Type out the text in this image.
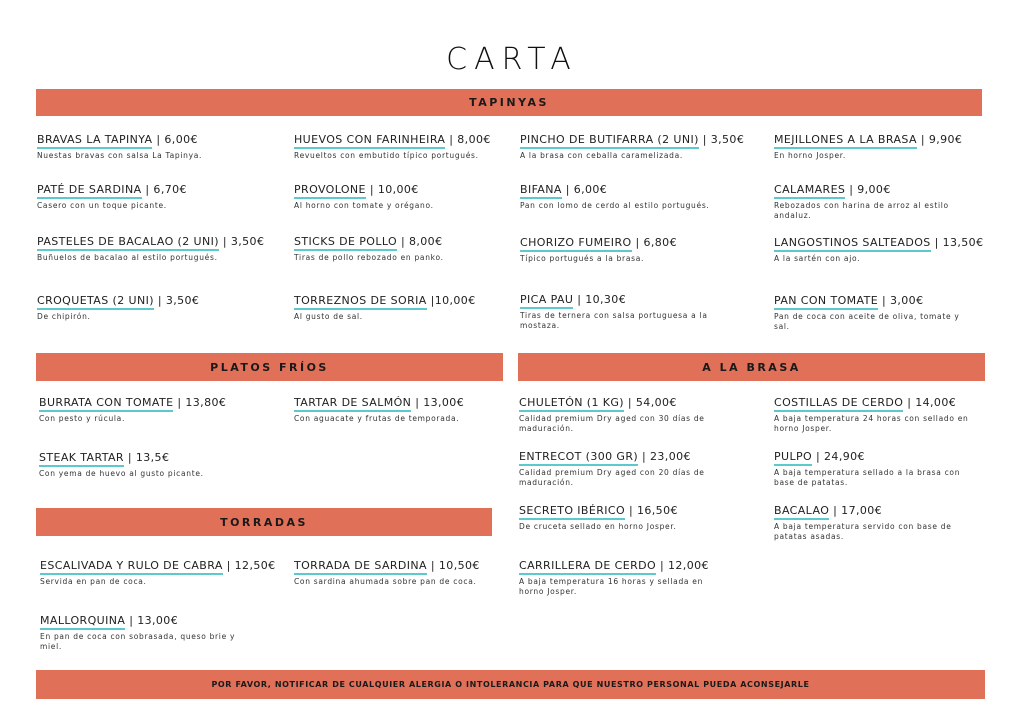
CARTA
TAPINYAS
PLATOS FRÍOS	A LA BRASA
TORRADAS
POR FAVOR, NOTIFICAR DE CUALQUIER ALERGIA O INTOLERANCIA PARA QUE NUESTRO PERSONAL PUEDA ACONSEJARLE
BRAVAS LA TAPINYA | 6,00€
Nuestas bravas con salsa La Tapinya.
PATÉ DE SARDINA | 6,70€
Casero con un toque picante.
PASTELES DE BACALAO (2 UNI) | 3,50€
Buñuelos de bacalao al estilo portugués.
CROQUETAS (2 UNI) | 3,50€
De chipirón.
HUEVOS CON FARINHEIRA | 8,00€
Revueltos con embutido típico portugués.
PROVOLONE | 10,00€
Al horno con tomate y orégano.
STICKS DE POLLO | 8,00€
Tiras de pollo rebozado en panko.
TORREZNOS DE SORIA |10,00€
Al gusto de sal.
PINCHO DE BUTIFARRA (2 UNI) | 3,50€
A la brasa con ceballa caramelizada.
BIFANA | 6,00€
Pan con lomo de cerdo al estilo portugués.
CHORIZO FUMEIRO | 6,80€
Típico portugués a la brasa.
PICA PAU | 10,30€
Tiras de ternera con salsa portuguesa a la mostaza.
MEJILLONES A LA BRASA | 9,90€
En horno Josper.
CALAMARES | 9,00€
Rebozados con harina de arroz al estilo andaluz.
LANGOSTINOS SALTEADOS | 13,50€
A la sartén con ajo.
PAN CON TOMATE | 3,00€
Pan de coca con aceite de oliva, tomate y sal.
BURRATA CON TOMATE | 13,80€
Con pesto y rúcula.
STEAK TARTAR | 13,5€
Con yema de huevo al gusto picante.
TARTAR DE SALMÓN | 13,00€
Con aguacate y frutas de temporada.
ESCALIVADA Y RULO DE CABRA | 12,50€
Servida en pan de coca.
MALLORQUINA | 13,00€
En pan de coca con sobrasada, queso brie y miel.
TORRADA DE SARDINA | 10,50€
Con sardina ahumada sobre pan de coca.
CHULETÓN (1 KG) | 54,00€
Calidad premium Dry aged con 30 días de maduración.
ENTRECOT (300 GR) | 23,00€
Calidad premium Dry aged con 20 días de maduración.
SECRETO IBÉRICO | 16,50€
De cruceta sellado en horno Josper.
CARRILLERA DE CERDO | 12,00€
A baja temperatura 16 horas y sellada en horno Josper.
COSTILLAS DE CERDO | 14,00€
A baja temperatura 24 horas con sellado en horno Josper.
PULPO | 24,90€
A baja temperatura sellado a la brasa con base de patatas.
BACALAO | 17,00€
A baja temperatura servido con base de patatas asadas.
